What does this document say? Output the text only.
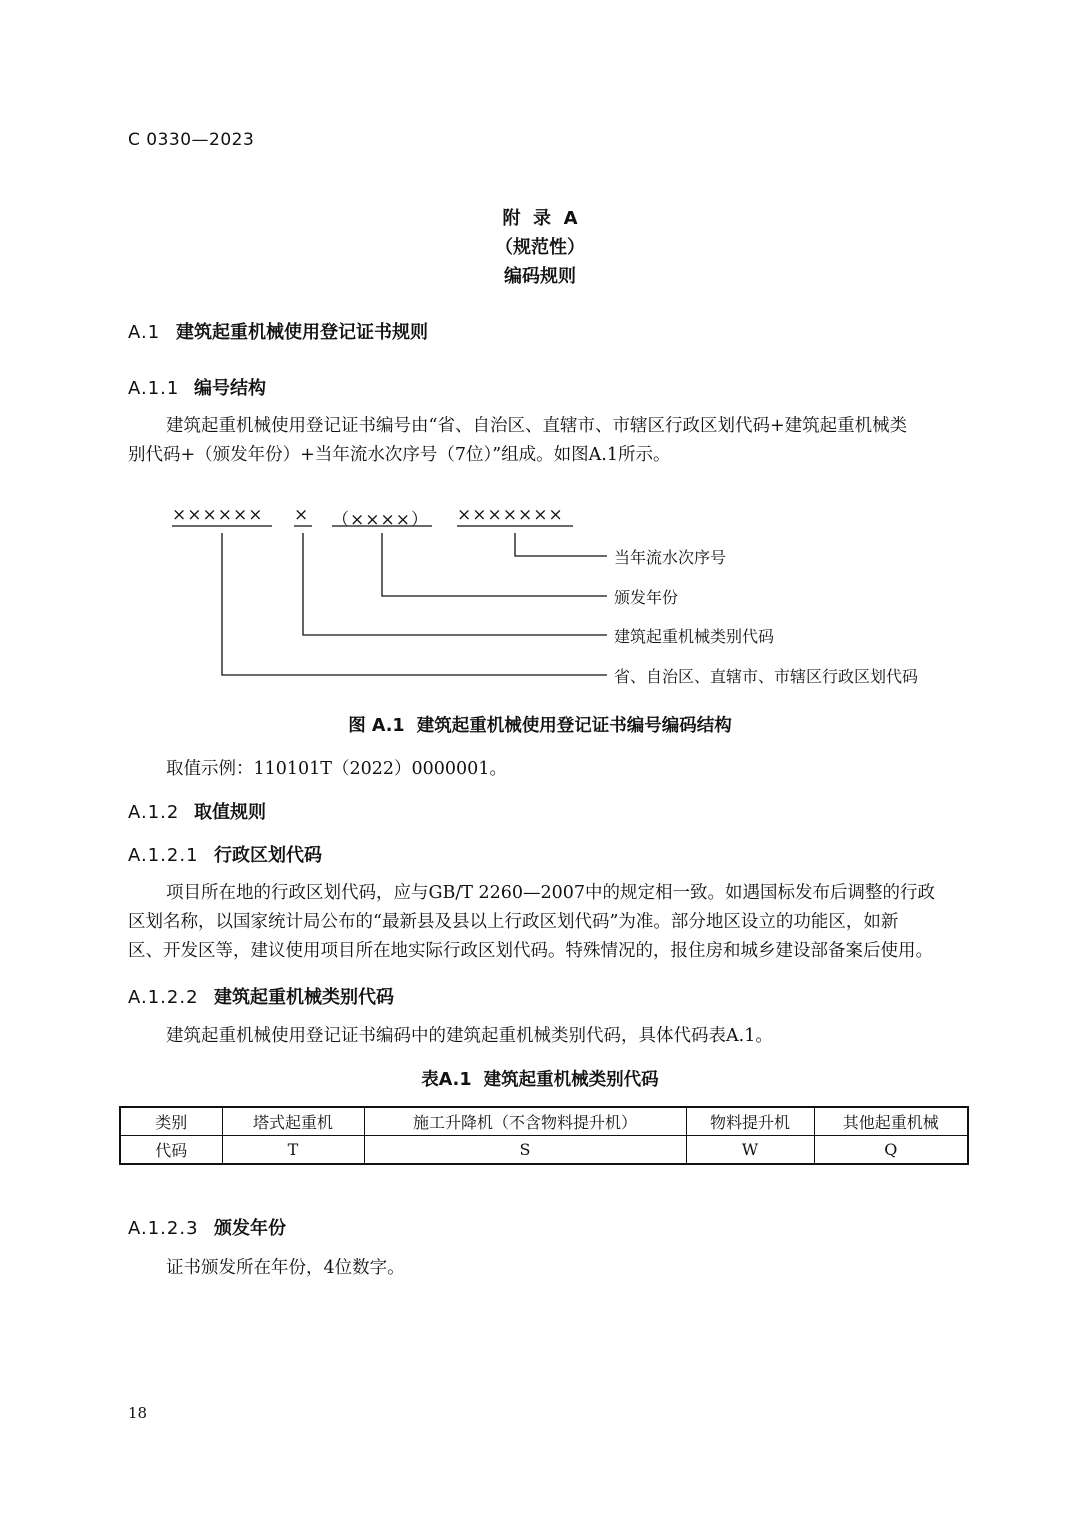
C 0330—2023
附  录  A
（规范性）
编码规则
A.1 建筑起重机械使用登记证书规则
A.1.1 编号结构
建筑起重机械使用登记证书编号由“省、自治区、直辖市、市辖区行政区划代码+建筑起重机械类
别代码+（颁发年份）+当年流水次序号（7位）”组成。如图A.1所示。
×××××× × （××××） ×××××××
当年流水次序号
颁发年份
建筑起重机械类别代码
省、自治区、直辖市、市辖区行政区划代码
图 A.1  建筑起重机械使用登记证书编号编码结构
取值示例：110101T（2022）0000001。
A.1.2 取值规则
A.1.2.1 行政区划代码
项目所在地的行政区划代码，应与GB/T 2260—2007中的规定相一致。如遇国标发布后调整的行政
区划名称，以国家统计局公布的“最新县及县以上行政区划代码”为准。部分地区设立的功能区，如新
区、开发区等，建议使用项目所在地实际行政区划代码。特殊情况的，报住房和城乡建设部备案后使用。
A.1.2.2 建筑起重机械类别代码
建筑起重机械使用登记证书编码中的建筑起重机械类别代码，具体代码表A.1。
表A.1  建筑起重机械类别代码
类别	塔式起重机	施工升降机（不含物料提升机）	物料提升机	其他起重机械
代码	T	S	W	Q
A.1.2.3 颁发年份
证书颁发所在年份，4位数字。
18
